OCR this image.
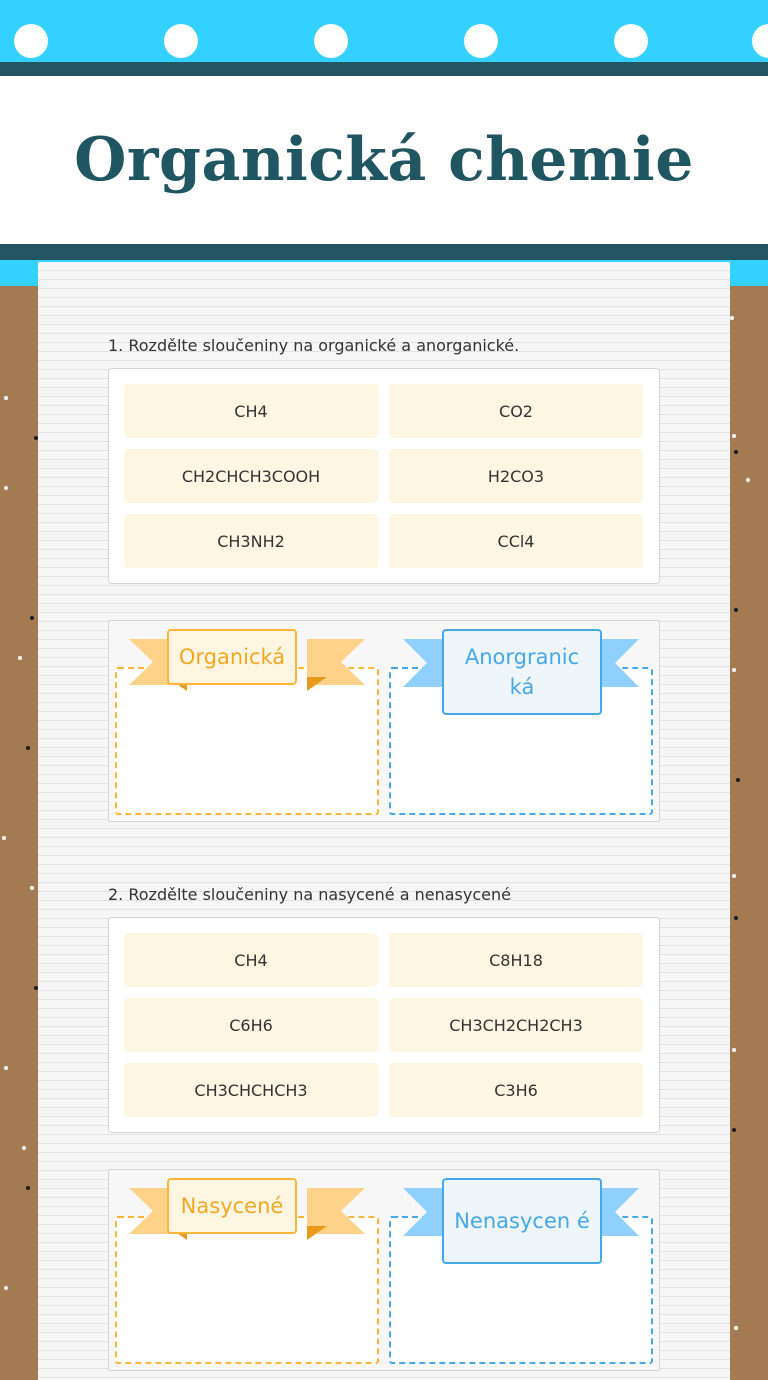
Organická chemie

1. Rozdělte sloučeniny na organické a anorganické.

CH4	CO2
CH2CHCH3COOH	H2CO3
CH3NH2	CCl4
Organická	Anorgranic ká

2. Rozdělte sloučeniny na nasycené a nenasycené

CH4	C8H18
C6H6	CH3CH2CH2CH3
CH3CHCHCH3	C3H6
Nasycené
Nenasycen é
